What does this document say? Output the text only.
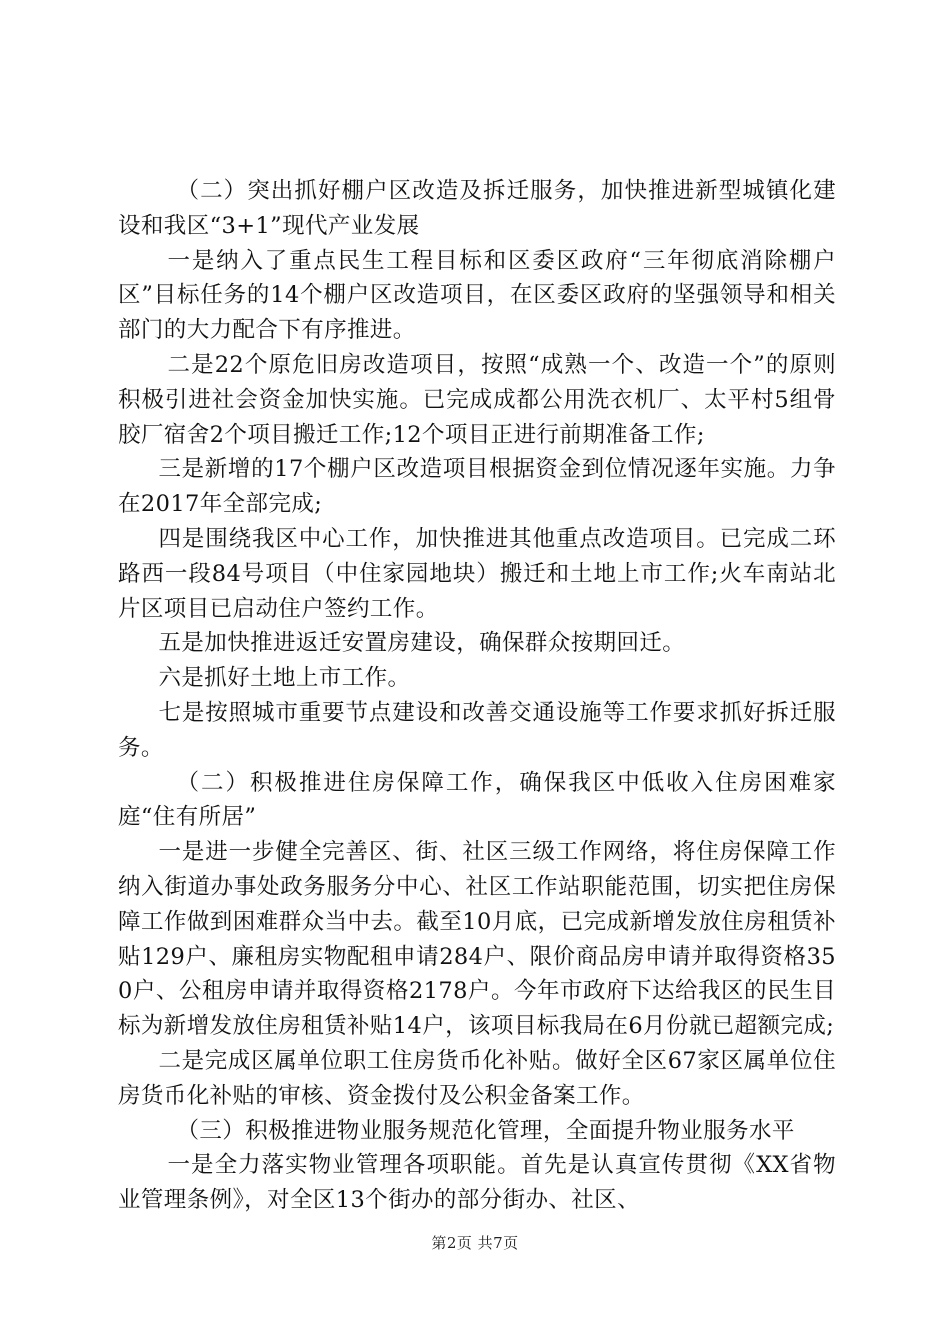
（二）突出抓好棚户区改造及拆迁服务，加快推进新型城镇化建设和我区“3+1”现代产业发展

一是纳入了重点民生工程目标和区委区政府“三年彻底消除棚户区”目标任务的14个棚户区改造项目，在区委区政府的坚强领导和相关部门的大力配合下有序推进。

二是22个原危旧房改造项目，按照“成熟一个、改造一个”的原则积极引进社会资金加快实施。已完成成都公用洗衣机厂、太平村5组骨胶厂宿舍2个项目搬迁工作;12个项目正进行前期准备工作;

三是新增的17个棚户区改造项目根据资金到位情况逐年实施。力争在2017年全部完成;

四是围绕我区中心工作，加快推进其他重点改造项目。已完成二环路西一段84号项目（中住家园地块）搬迁和土地上市工作;火车南站北片区项目已启动住户签约工作。

五是加快推进返迁安置房建设，确保群众按期回迁。

六是抓好土地上市工作。

七是按照城市重要节点建设和改善交通设施等工作要求抓好拆迁服务。

（二）积极推进住房保障工作，确保我区中低收入住房困难家庭“住有所居”

一是进一步健全完善区、街、社区三级工作网络，将住房保障工作纳入街道办事处政务服务分中心、社区工作站职能范围，切实把住房保障工作做到困难群众当中去。截至10月底，已完成新增发放住房租赁补贴129户、廉租房实物配租申请284户、限价商品房申请并取得资格350户、公租房申请并取得资格2178户。今年市政府下达给我区的民生目标为新增发放住房租赁补贴14户，该项目标我局在6月份就已超额完成;

二是完成区属单位职工住房货币化补贴。做好全区67家区属单位住房货币化补贴的审核、资金拨付及公积金备案工作。

（三）积极推进物业服务规范化管理，全面提升物业服务水平

一是全力落实物业管理各项职能。首先是认真宣传贯彻《XX省物业管理条例》，对全区13个街办的部分街办、社区、

第2页 共7页
